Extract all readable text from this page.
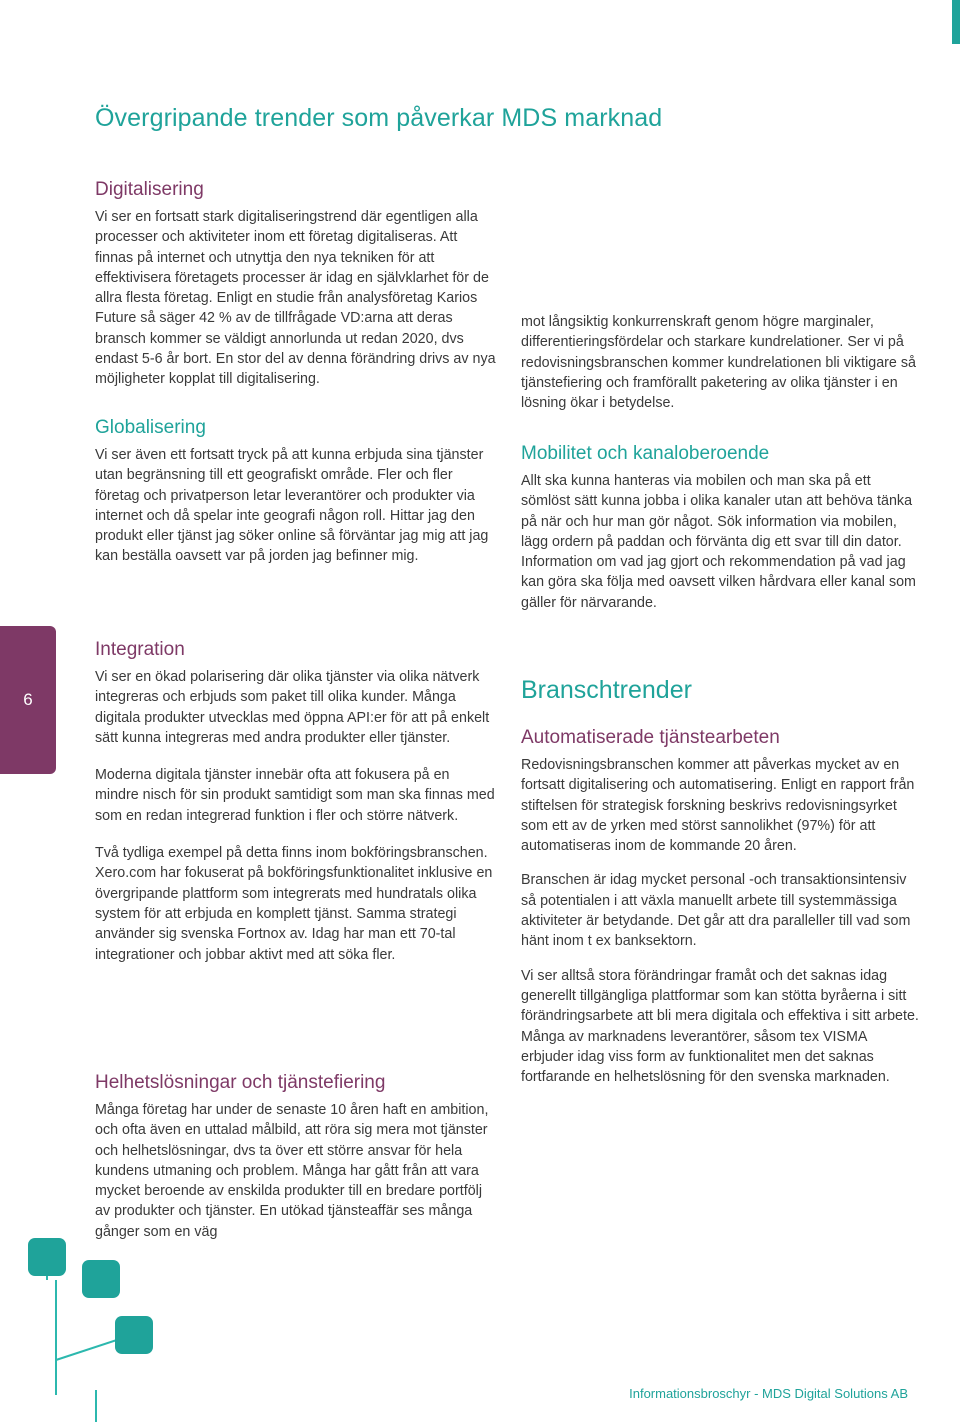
Övergripande trender som påverkar MDS marknad
Digitalisering

Vi ser en fortsatt stark digitaliseringstrend där egentligen alla processer och aktiviteter inom ett företag digitaliseras. Att finnas på internet och utnyttja den nya tekniken för att effektivisera företagets processer är idag en självklarhet för de allra flesta företag. Enligt en studie från analysföretag Karios Future så säger 42 % av de tillfrågade VD:arna att deras bransch kommer se väldigt annorlunda ut redan 2020, dvs endast 5-6 år bort. En stor del av denna förändring drivs av nya möjligheter kopplat till digitalisering.

Globalisering

Vi ser även ett fortsatt tryck på att kunna erbjuda sina tjänster utan begränsning till ett geografiskt område. Fler och fler företag och privatperson letar leverantörer och produkter via internet och då spelar inte geografi någon roll. Hittar jag den produkt eller tjänst jag söker online så förväntar jag mig att jag kan beställa oavsett var på jorden jag befinner mig.

Integration

Vi ser en ökad polarisering där olika tjänster via olika nätverk integreras och erbjuds som paket till olika kunder. Många digitala produkter utvecklas med öppna API:er för att på enkelt sätt kunna integreras med andra produkter eller tjänster.

Moderna digitala tjänster innebär ofta att fokusera på en mindre nisch för sin produkt samtidigt som man ska finnas med som en redan integrerad funktion i fler och större nätverk.

Två tydliga exempel på detta finns inom bokföringsbranschen. Xero.com har fokuserat på bokföringsfunktionalitet inklusive en övergripande plattform som integrerats med hundratals olika system för att erbjuda en komplett tjänst. Samma strategi använder sig svenska Fortnox av. Idag har man ett 70-tal integrationer och jobbar aktivt med att söka fler.

Helhetslösningar och tjänstefiering

Många företag har under de senaste 10 åren haft en ambition, och ofta även en uttalad målbild, att röra sig mera mot tjänster och helhetslösningar, dvs ta över ett större ansvar för hela kundens utmaning och problem. Många har gått från att vara mycket beroende av enskilda produkter till en bredare portfölj av produkter och tjänster. En utökad tjänsteaffär ses många gånger som en väg

mot långsiktig konkurrenskraft genom högre marginaler, differentieringsfördelar och starkare kundrelationer. Ser vi på redovisningsbranschen kommer kundrelationen bli viktigare så tjänstefiering och framförallt paketering av olika tjänster i en lösning ökar i betydelse.

Mobilitet och kanaloberoende

Allt ska kunna hanteras via mobilen och man ska på ett sömlöst sätt kunna jobba i olika kanaler utan att behöva tänka på när och hur man gör något. Sök information via mobilen, lägg ordern på paddan och förvänta dig ett svar till din dator. Information om vad jag gjort och rekommendation på vad jag kan göra ska följa med oavsett vilken hårdvara eller kanal som gäller för närvarande.

Branschtrender
Automatiserade tjänstearbeten

Redovisningsbranschen kommer att påverkas mycket av en fortsatt digitalisering och automatisering. Enligt en rapport från stiftelsen för strategisk forskning beskrivs redovisningsyrket som ett av de yrken med störst sannolikhet (97%) för att automatiseras inom de kommande 20 åren.

Branschen är idag mycket personal -och transaktionsintensiv så potentialen i att växla manuellt arbete till systemmässiga aktiviteter är betydande. Det går att dra paralleller till vad som hänt inom t ex banksektorn.

Vi ser alltså stora förändringar framåt och det saknas idag generellt tillgängliga plattformar som kan stötta byråerna i sitt förändringsarbete att bli mera digitala och effektiva i sitt arbete. Många av marknadens leverantörer, såsom tex VISMA erbjuder idag viss form av funktionalitet men det saknas fortfarande en helhetslösning för den svenska marknaden.

6
Informationsbroschyr - MDS Digital Solutions AB
